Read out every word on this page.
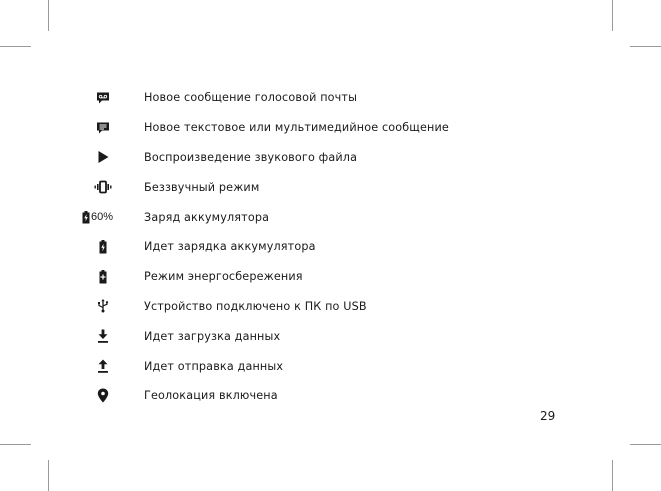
Новое сообщение голосовой почты
Новое текстовое или мультимедийное сообщение
Воспроизведение звукового файла
Беззвучный режим
60%	Заряд аккумулятора
Идет зарядка аккумулятора
Режим энергосбережения
Устройство подключено к ПК по USB
Идет загрузка данных
Идет отправка данных
Геолокация включена
29
